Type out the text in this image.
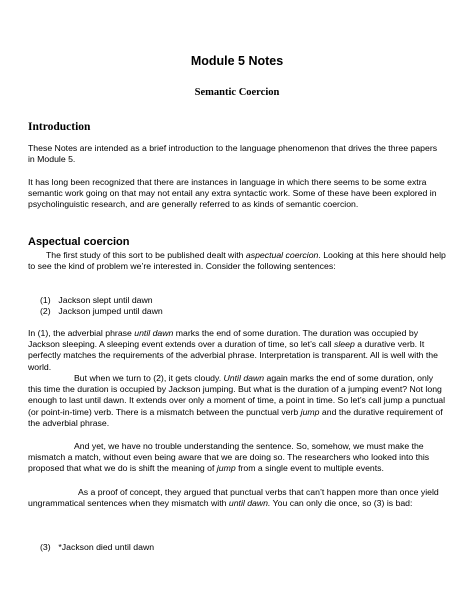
Module 5 Notes
Semantic Coercion
Introduction

These Notes are intended as a brief introduction to the language phenomenon that drives the three papers in Module 5.

It has long been recognized that there are instances in language in which there seems to be some extra semantic work going on that may not entail any extra syntactic work. Some of these have been explored in psycholinguistic research, and are generally referred to as kinds of semantic coercion.

Aspectual coercion

The first study of this sort to be published dealt with aspectual coercion. Looking at this here should help to see the kind of problem we’re interested in. Consider the following sentences:

(1) Jackson slept until dawn
(2) Jackson jumped until dawn

In (1), the adverbial phrase until dawn marks the end of some duration. The duration was occupied by Jackson sleeping. A sleeping event extends over a duration of time, so let’s call sleep a durative verb. It perfectly matches the requirements of the adverbial phrase. Interpretation is transparent. All is well with the world.

But when we turn to (2), it gets cloudy. Until dawn again marks the end of some duration, only this time the duration is occupied by Jackson jumping. But what is the duration of a jumping event? Not long enough to last until dawn. It extends over only a moment of time, a point in time. So let’s call jump a punctual (or point-in-time) verb. There is a mismatch between the punctual verb jump and the durative requirement of the adverbial phrase.

And yet, we have no trouble understanding the sentence. So, somehow, we must make the mismatch a match, without even being aware that we are doing so. The researchers who looked into this proposed that what we do is shift the meaning of jump from a single event to multiple events.

As a proof of concept, they argued that punctual verbs that can’t happen more than once yield ungrammatical sentences when they mismatch with until dawn. You can only die once, so (3) is bad:

(3) *Jackson died until dawn
